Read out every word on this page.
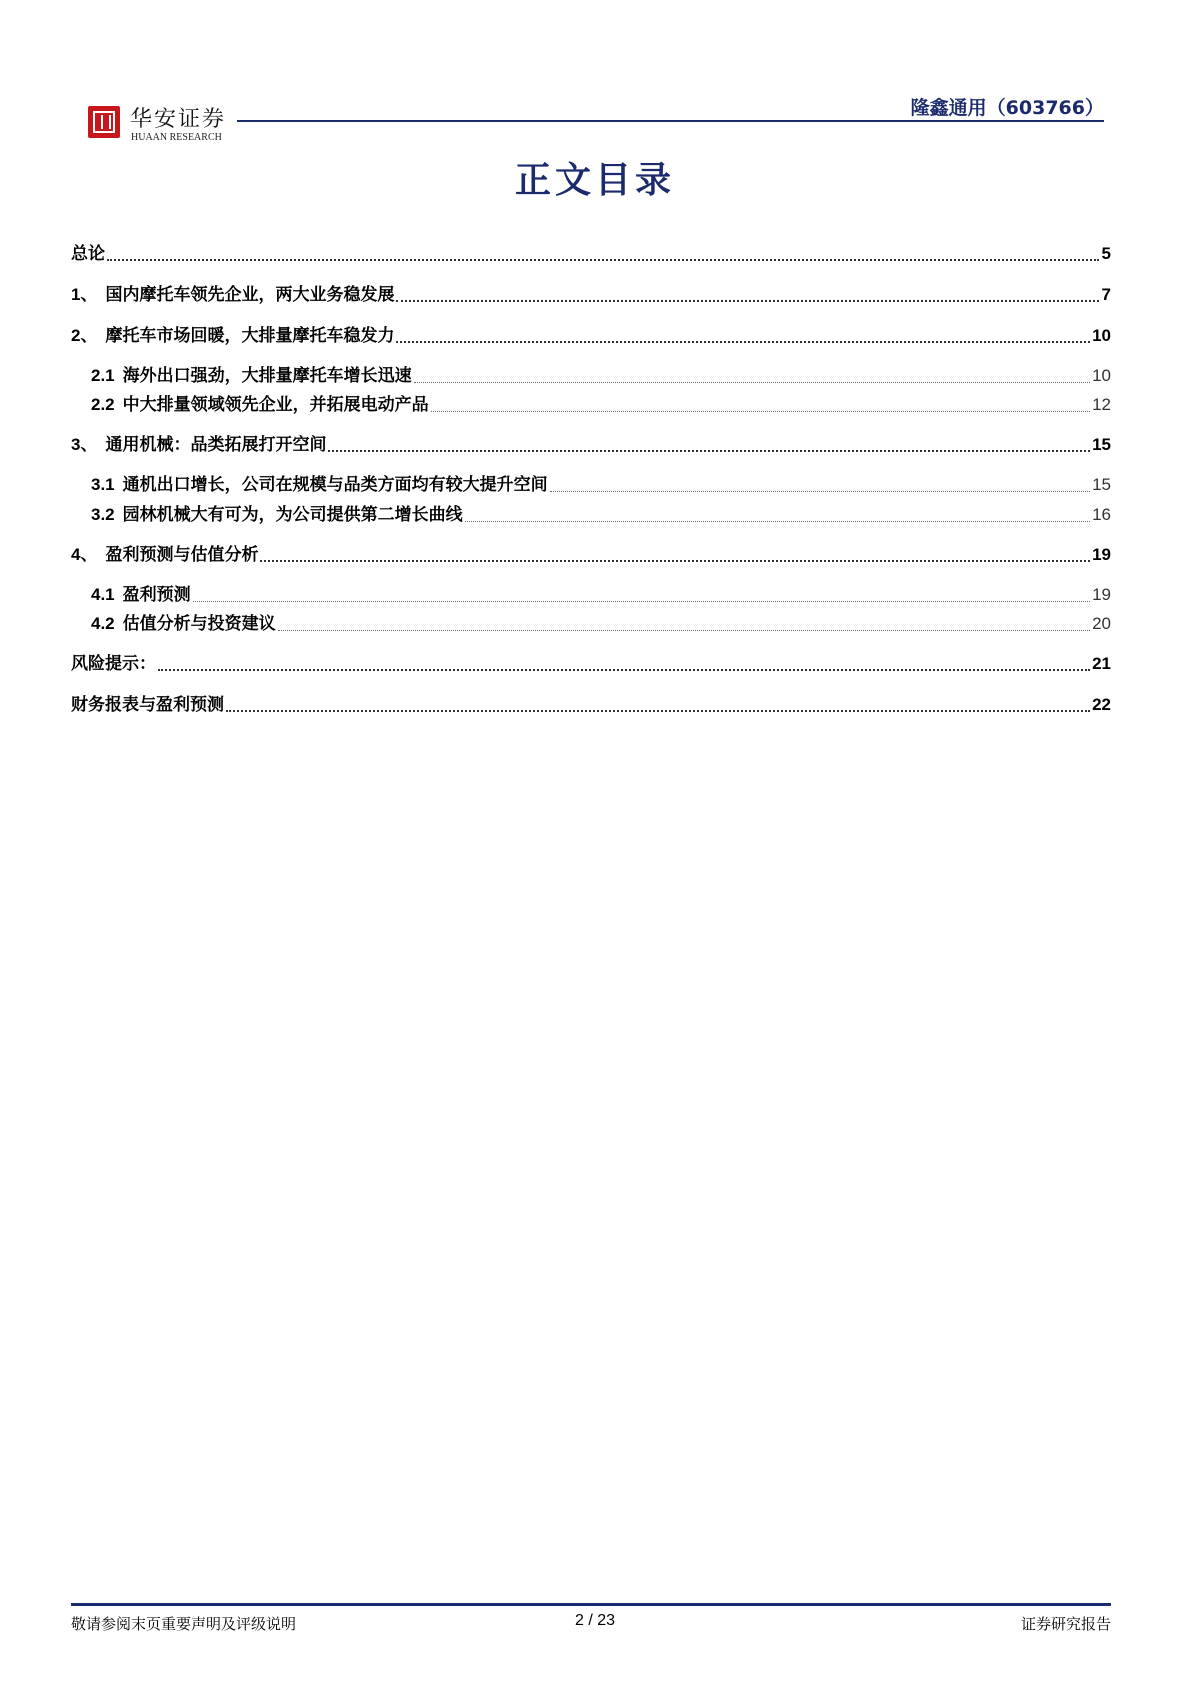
华安证券
HUAAN RESEARCH
隆鑫通用（603766）
正文目录
总论	5
1、 国内摩托车领先企业，两大业务稳发展	7
2、 摩托车市场回暖，大排量摩托车稳发力	10
2.1 海外出口强劲，大排量摩托车增长迅速	10
2.2 中大排量领域领先企业，并拓展电动产品	12
3、 通用机械：品类拓展打开空间	15
3.1 通机出口增长，公司在规模与品类方面均有较大提升空间	15
3.2 园林机械大有可为，为公司提供第二增长曲线	16
4、 盈利预测与估值分析	19
4.1 盈利预测	19
4.2 估值分析与投资建议	20
风险提示：	21
财务报表与盈利预测	22
敬请参阅末页重要声明及评级说明	2 / 23	证券研究报告
